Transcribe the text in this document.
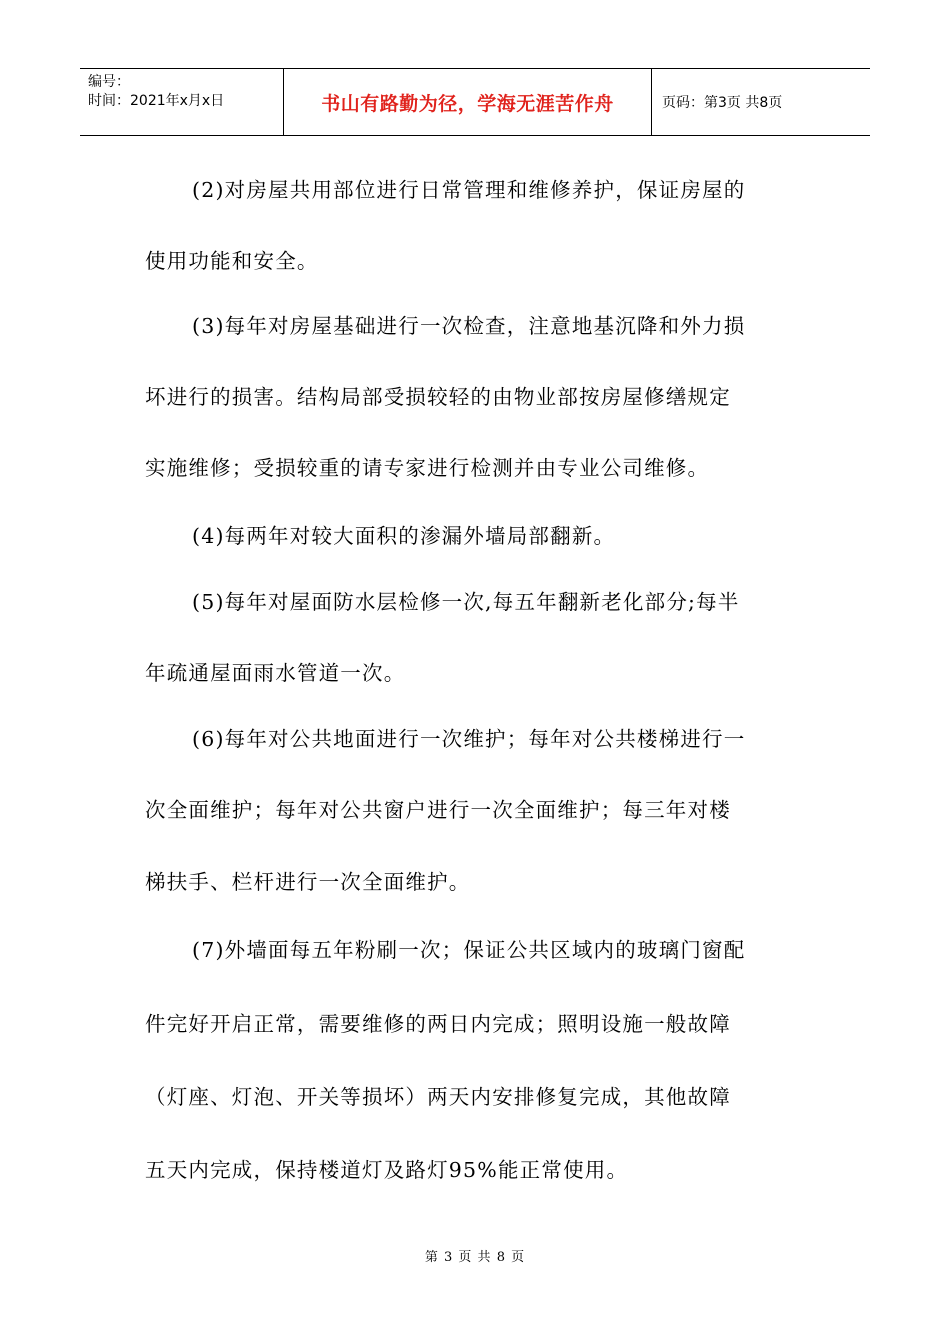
编号：
时间：2021年x月x日	书山有路勤为径，学海无涯苦作舟	页码：第3页 共8页
(2)对房屋共用部位进行日常管理和维修养护，保证房屋的
使用功能和安全。
(3)每年对房屋基础进行一次检查，注意地基沉降和外力损
坏进行的损害。结构局部受损较轻的由物业部按房屋修缮规定
实施维修；受损较重的请专家进行检测并由专业公司维修。
(4)每两年对较大面积的渗漏外墙局部翻新。
(5)每年对屋面防水层检修一次,每五年翻新老化部分;每半
年疏通屋面雨水管道一次。
(6)每年对公共地面进行一次维护；每年对公共楼梯进行一
次全面维护；每年对公共窗户进行一次全面维护；每三年对楼
梯扶手、栏杆进行一次全面维护。
(7)外墙面每五年粉刷一次；保证公共区域内的玻璃门窗配
件完好开启正常，需要维修的两日内完成；照明设施一般故障
（灯座、灯泡、开关等损坏）两天内安排修复完成，其他故障
五天内完成，保持楼道灯及路灯95%能正常使用。
第 3 页 共 8 页
